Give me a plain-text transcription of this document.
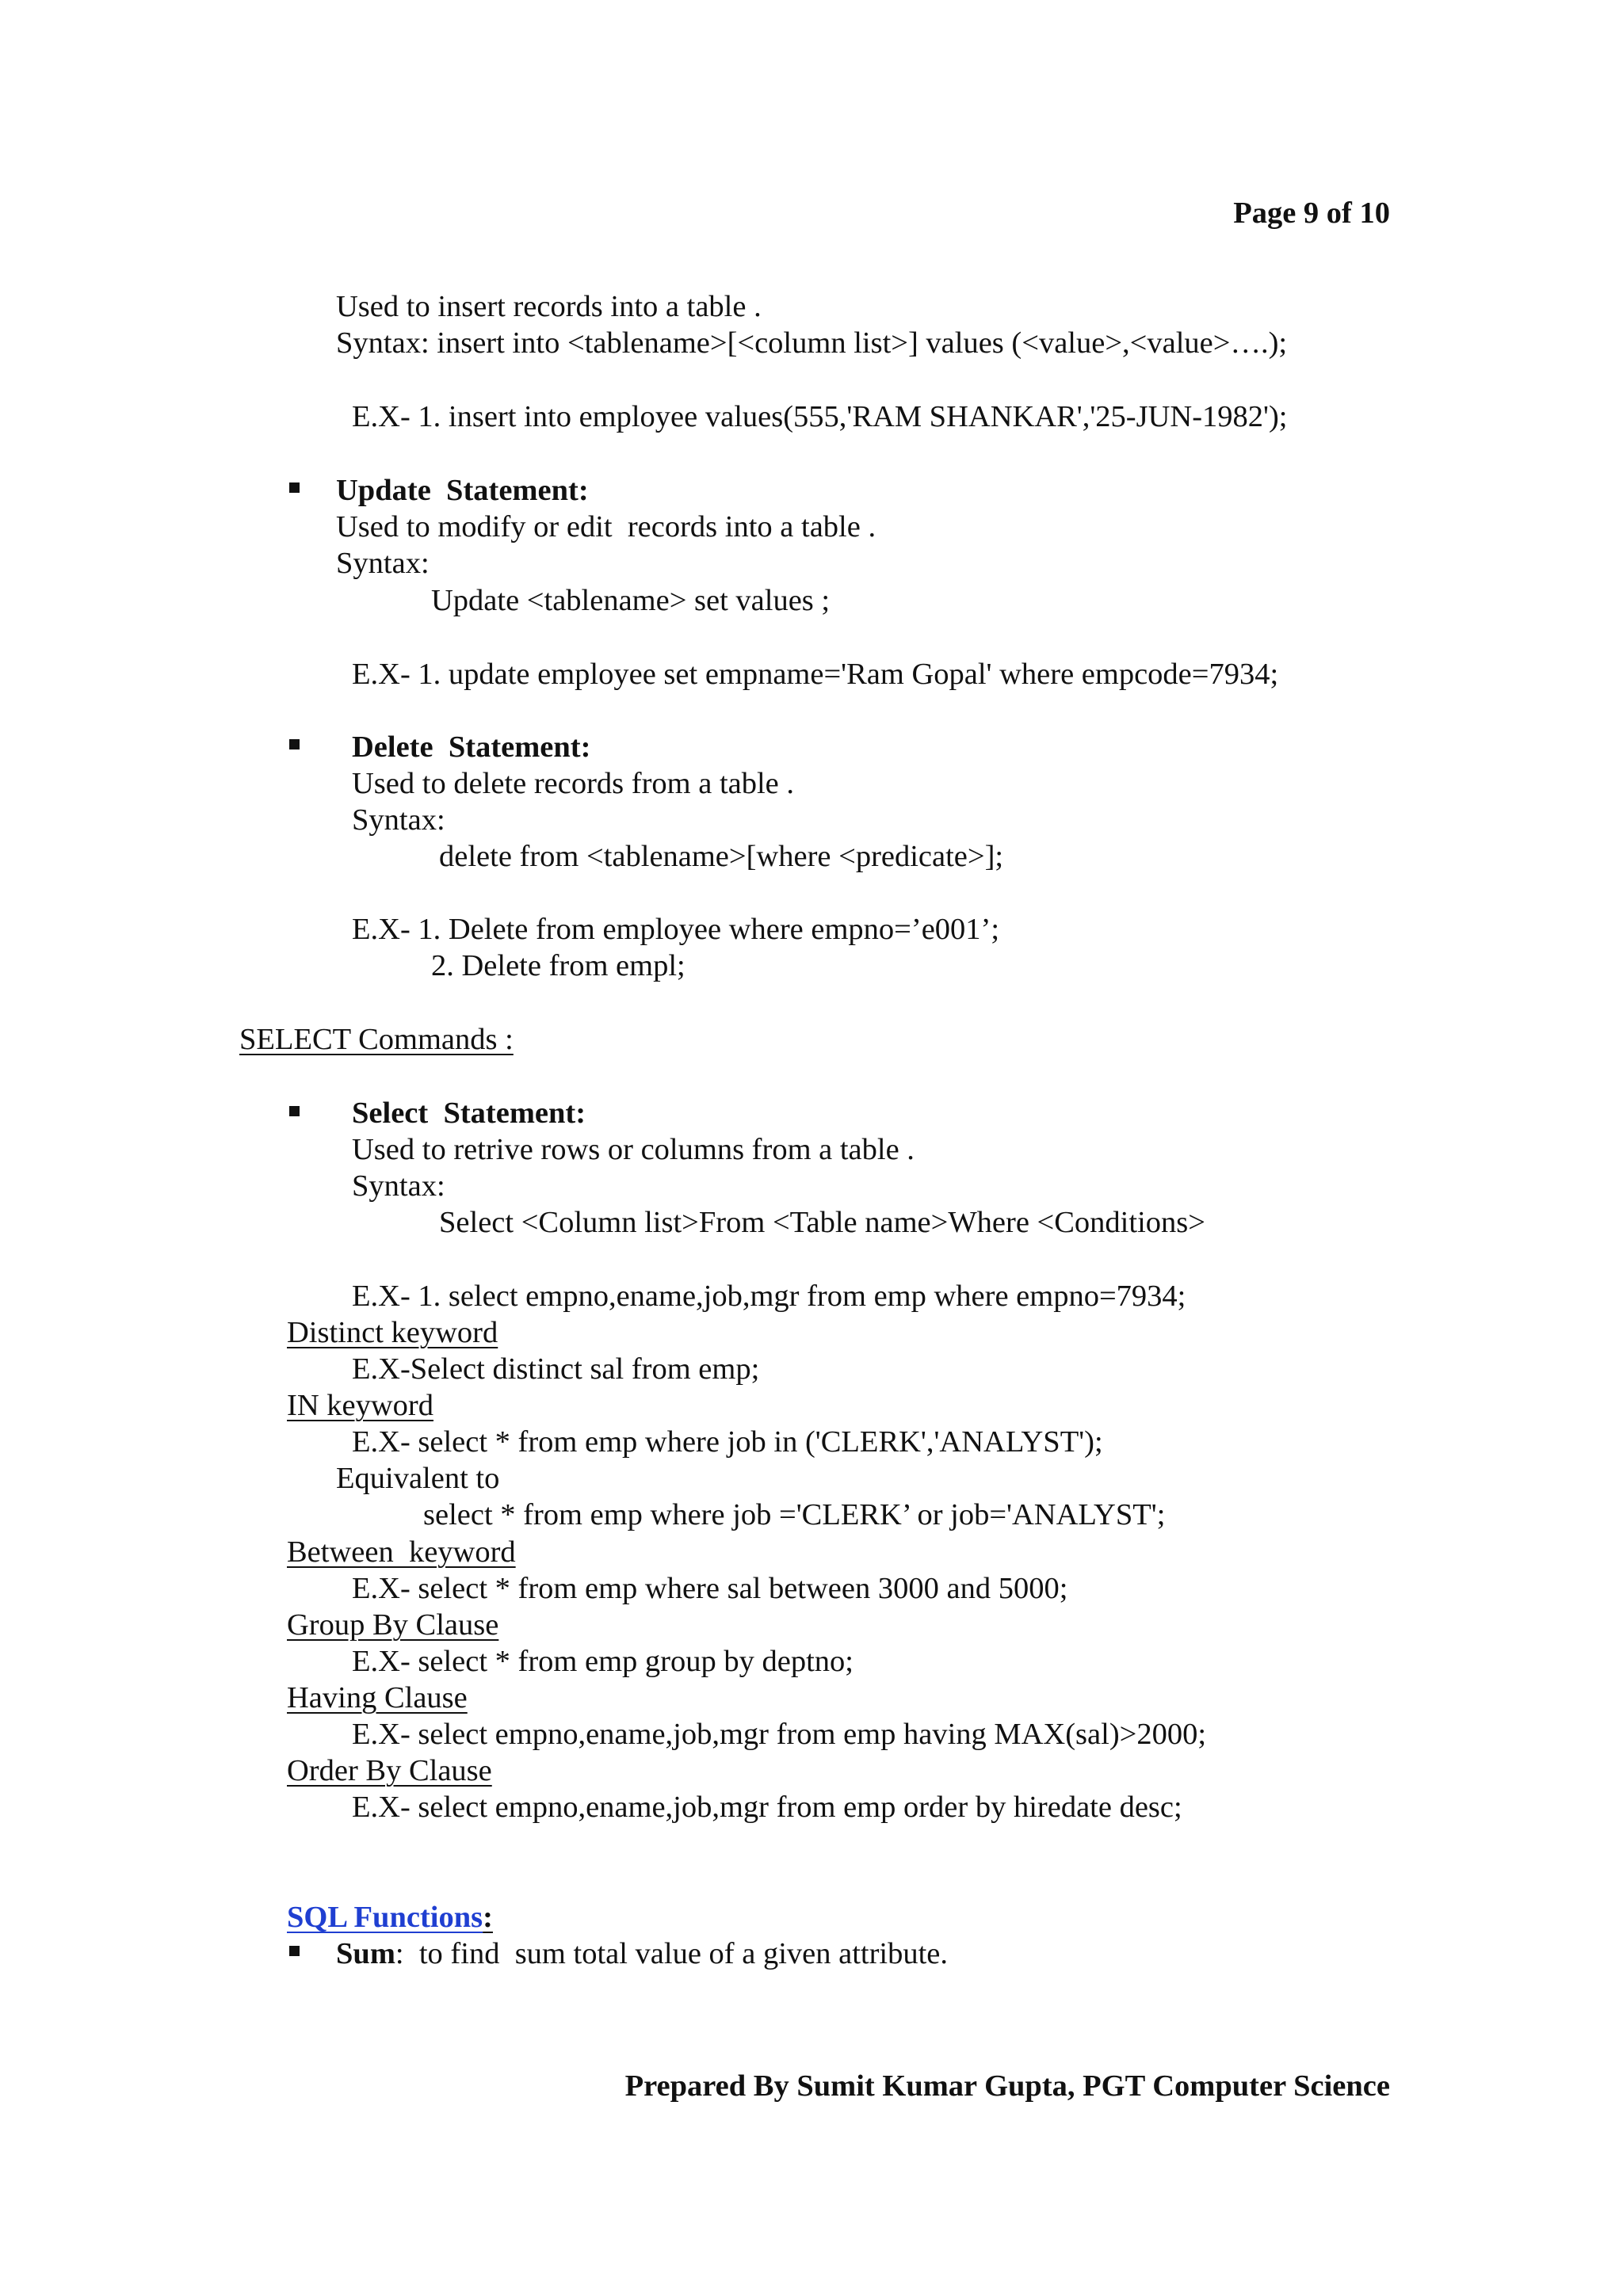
Page 9 of 10
Used to insert records into a table .
Syntax: insert into <tablename>[<column list>] values (<value>,<value>….);
E.X- 1. insert into employee values(555,'RAM SHANKAR','25-JUN-1982');
Update  Statement:
Used to modify or edit  records into a table .
Syntax:
Update <tablename> set values ;
E.X- 1. update employee set empname='Ram Gopal' where empcode=7934;
Delete  Statement:
Used to delete records from a table .
Syntax:
delete from <tablename>[where <predicate>];
E.X- 1. Delete from employee where empno=’e001’;
2. Delete from empl;
SELECT Commands :
Select  Statement:
Used to retrive rows or columns from a table .
Syntax:
Select <Column list>From <Table name>Where <Conditions>
E.X- 1. select empno,ename,job,mgr from emp where empno=7934;
Distinct keyword
E.X-Select distinct sal from emp;
IN keyword
E.X- select * from emp where job in ('CLERK','ANALYST');
Equivalent to
select * from emp where job ='CLERK’ or job='ANALYST';
Between  keyword
E.X- select * from emp where sal between 3000 and 5000;
Group By Clause
E.X- select * from emp group by deptno;
Having Clause
E.X- select empno,ename,job,mgr from emp having MAX(sal)>2000;
Order By Clause
E.X- select empno,ename,job,mgr from emp order by hiredate desc;
SQL Functions:
Sum:  to find  sum total value of a given attribute.
Prepared By Sumit Kumar Gupta, PGT Computer Science
